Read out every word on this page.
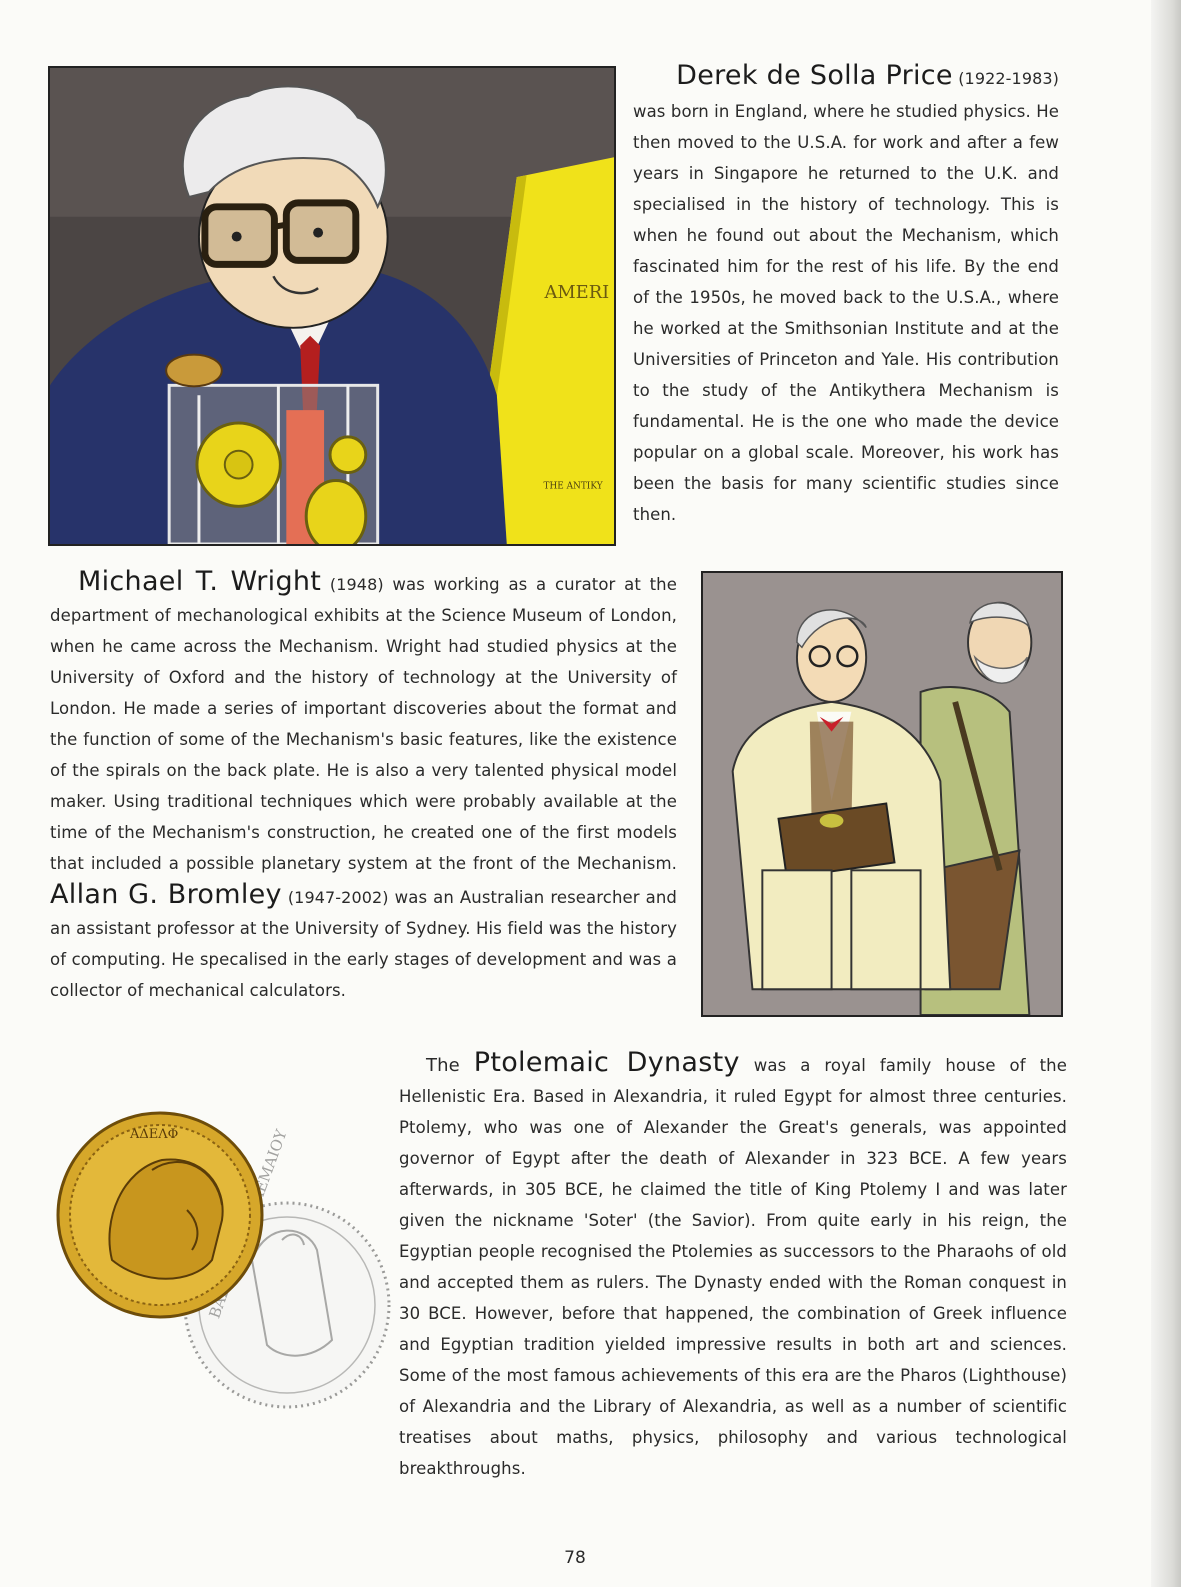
AMERI
THE ANTIKY
Derek de Solla Price (1922-1983)
was born in England, where he studied physics. He then moved to the U.S.A. for work and after a few years in Singapore he returned to the U.K. and specialised in the history of technology. This is when he found out about the Mechanism, which fascinated him for the rest of his life. By the end of the 1950s, he moved back to the U.S.A., where he worked at the Smithsonian Institute and at the Universities of Princeton and Yale. His contribution to the study of the Antikythera Mechanism is fundamental. He is the one who made the device popular on a global scale. Moreover, his work has been the basis for many scientific studies since then.
Michael T. Wright (1948) was working as a curator at the department of mechanological exhibits at the Science Museum of London, when he came across the Mechanism. Wright had studied physics at the University of Oxford and the history of technology at the University of London. He made a series of important discoveries about the format and the function of some of the Mechanism's basic features, like the existence of the spirals on the back plate. He is also a very talented physical model maker. Using traditional techniques which were probably available at the time of the Mechanism's construction, he created one of the first models that included a possible planetary system at the front of the Mechanism. Allan G. Bromley (1947-2002) was an Australian researcher and an assistant professor at the University of Sydney. His field was the history of computing. He specalised in the early stages of development and was a collector of mechanical calculators.
ΠΤΟΛΕΜΑΙΟΥ
ΑΔΕΛΦ
The Ptolemaic Dynasty was a royal family house of the Hellenistic Era. Based in Alexandria, it ruled Egypt for almost three centuries. Ptolemy, who was one of Alexander the Great's generals, was appointed governor of Egypt after the death of Alexander in 323 BCE. A few years afterwards, in 305 BCE, he claimed the title of King Ptolemy I and was later given the nickname 'Soter' (the Savior). From quite early in his reign, the Egyptian people recognised the Ptolemies as successors to the Pharaohs of old and accepted them as rulers. The Dynasty ended with the Roman conquest in 30 BCE. However, before that happened, the combination of Greek influence and Egyptian tradition yielded impressive results in both art and sciences. Some of the most famous achievements of this era are the Pharos (Lighthouse) of Alexandria and the Library of Alexandria, as well as a number of scientific treatises about maths, physics, philosophy and various technological breakthroughs.
78
